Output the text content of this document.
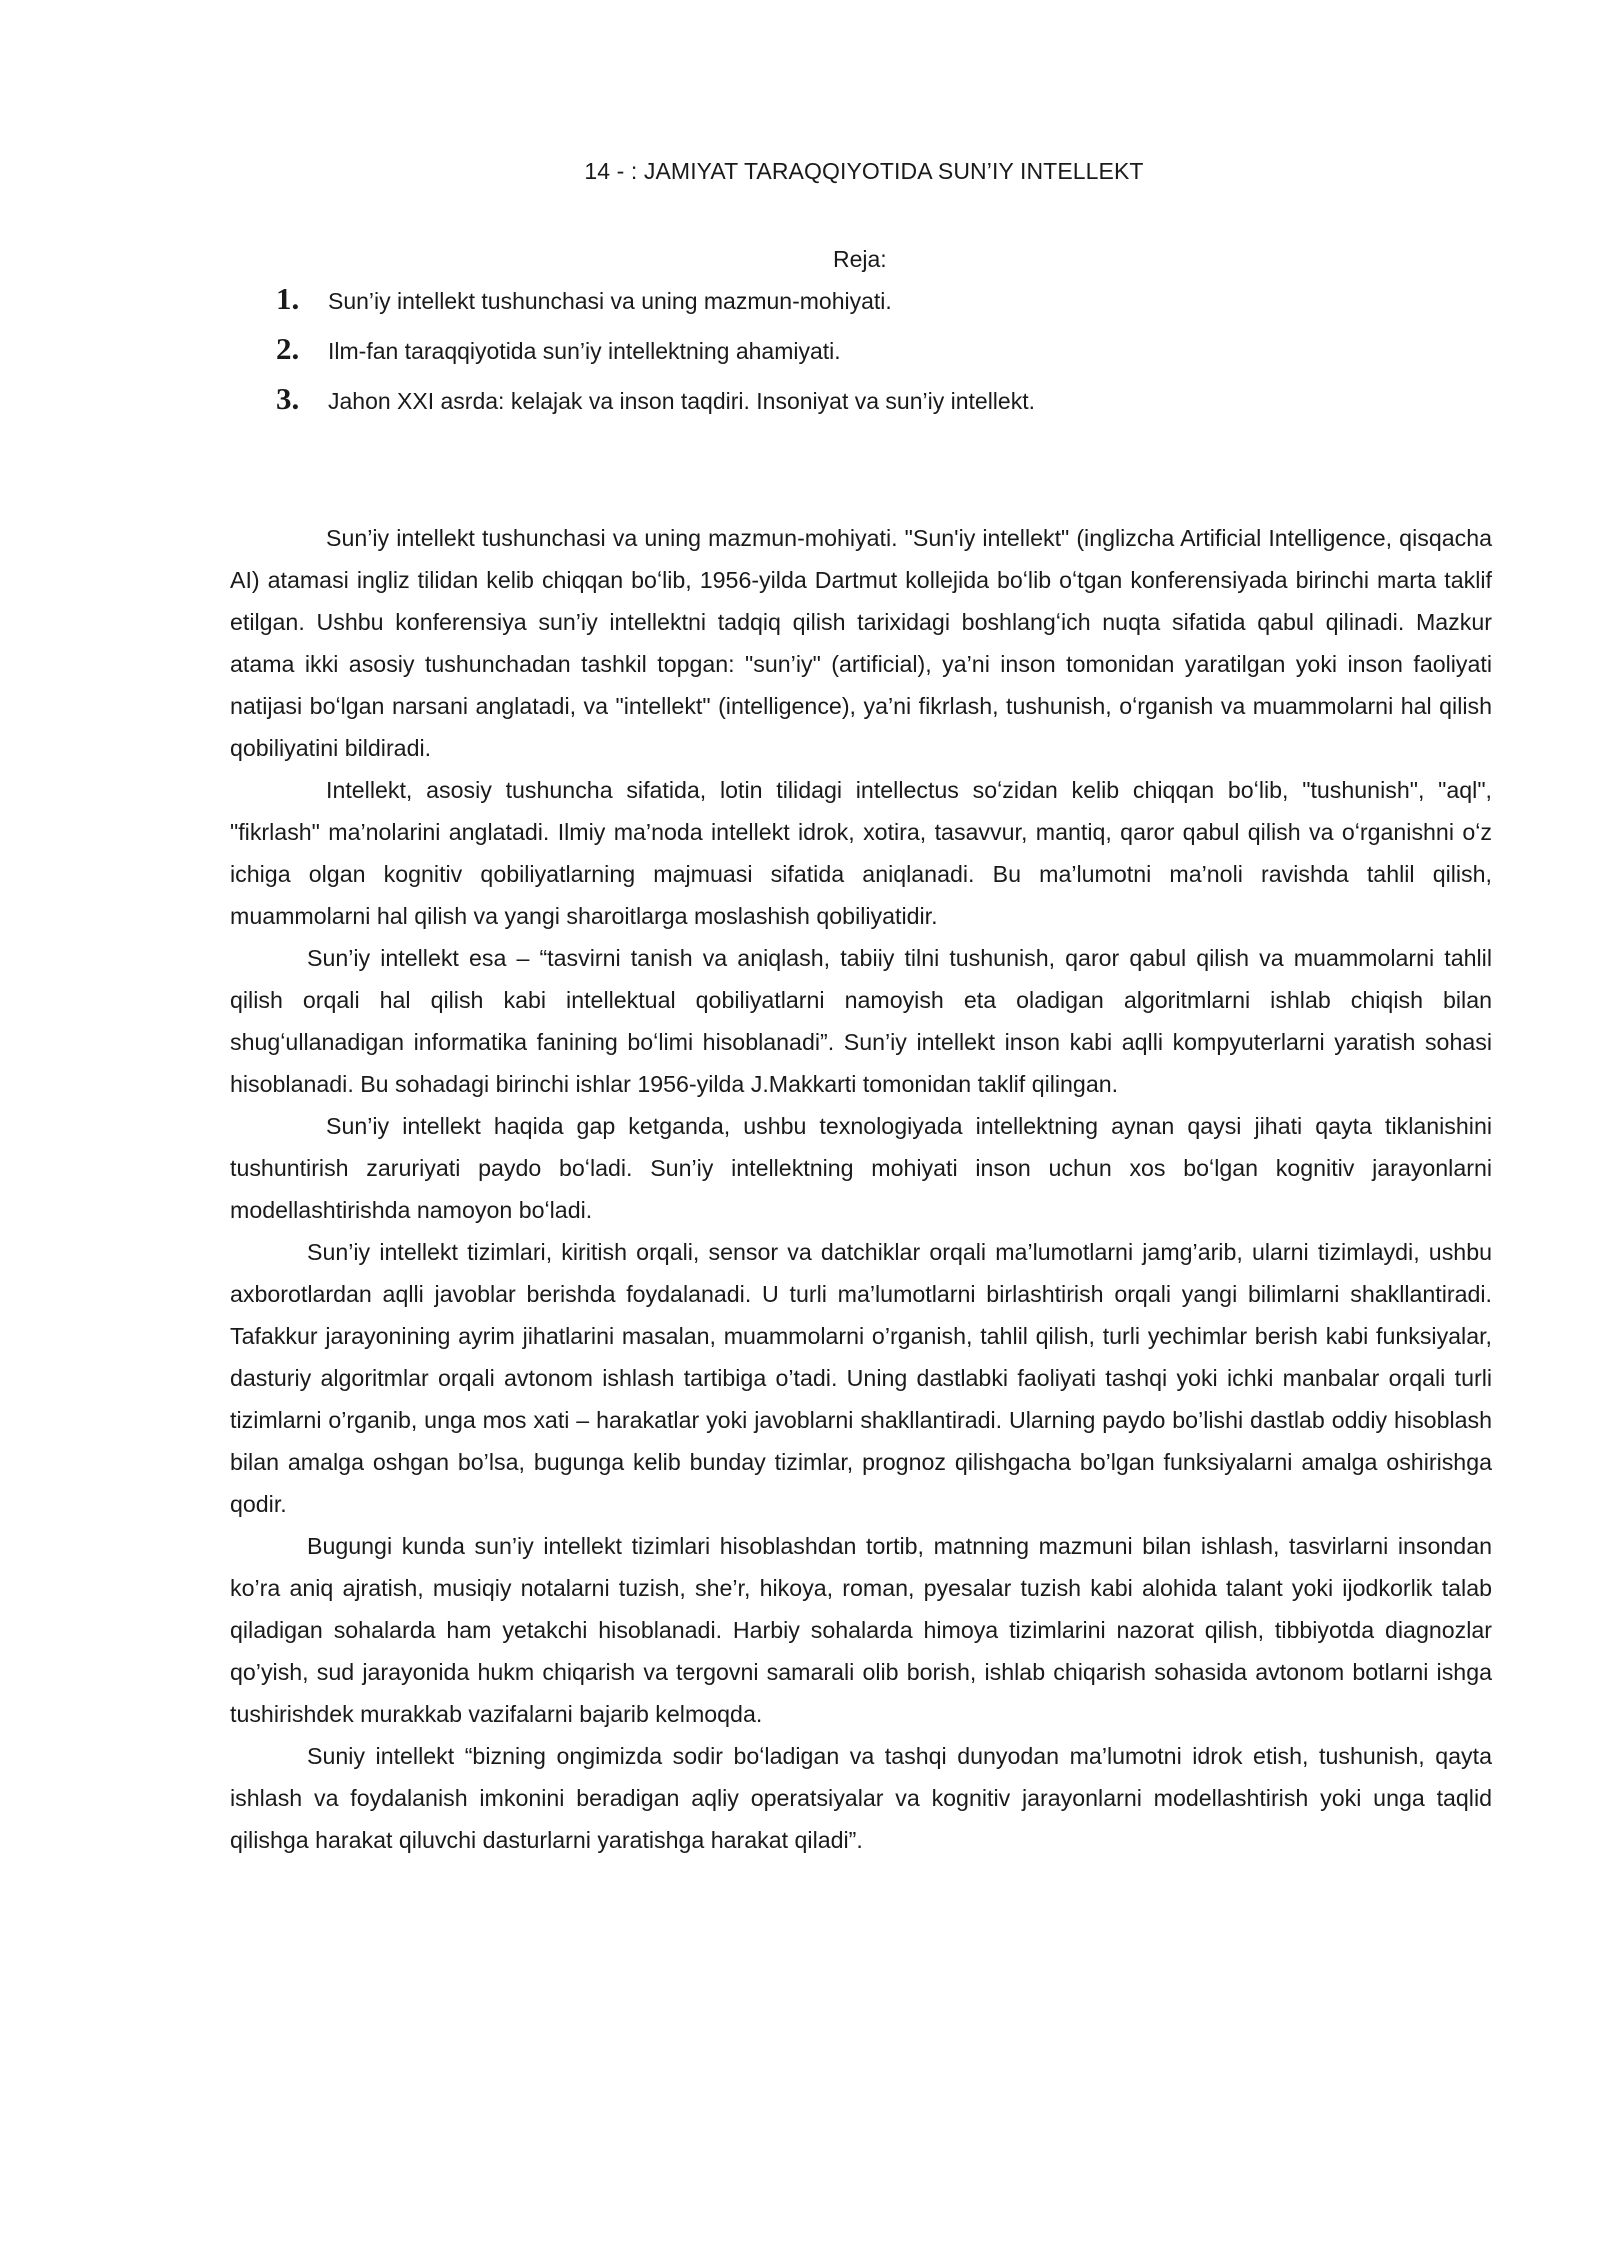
14 - : JAMIYAT TARAQQIYOTIDA SUN’IY INTELLEKT
Reja:
1.	Sun’iy intellekt tushunchasi va uning mazmun-mohiyati.
2.	Ilm-fan taraqqiyotida sun’iy intellektning ahamiyati.
3.	Jahon XXI asrda: kelajak va inson taqdiri. Insoniyat va sun’iy intellekt.

Sun’iy intellekt tushunchasi va uning mazmun-mohiyati. "Sun'iy intellekt" (inglizcha Artificial Intelligence, qisqacha AI) atamasi ingliz tilidan kelib chiqqan boʻlib, 1956-yilda Dartmut kollejida boʻlib oʻtgan konferensiyada birinchi marta taklif etilgan. Ushbu konferensiya sun’iy intellektni tadqiq qilish tarixidagi boshlangʻich nuqta sifatida qabul qilinadi. Mazkur atama ikki asosiy tushunchadan tashkil topgan: "sun’iy" (artificial), ya’ni inson tomonidan yaratilgan yoki inson faoliyati natijasi boʻlgan narsani anglatadi, va "intellekt" (intelligence), ya’ni fikrlash, tushunish, oʻrganish va muammolarni hal qilish qobiliyatini bildiradi.

Intellekt, asosiy tushuncha sifatida, lotin tilidagi intellectus soʻzidan kelib chiqqan boʻlib, "tushunish", "aql", "fikrlash" ma’nolarini anglatadi. Ilmiy ma’noda intellekt idrok, xotira, tasavvur, mantiq, qaror qabul qilish va oʻrganishni oʻz ichiga olgan kognitiv qobiliyatlarning majmuasi sifatida aniqlanadi. Bu ma’lumotni ma’noli ravishda tahlil qilish, muammolarni hal qilish va yangi sharoitlarga moslashish qobiliyatidir.

Sun’iy intellekt esa – “tasvirni tanish va aniqlash, tabiiy tilni tushunish, qaror qabul qilish va muammolarni tahlil qilish orqali hal qilish kabi intellektual qobiliyatlarni namoyish eta oladigan algoritmlarni ishlab chiqish bilan shugʻullanadigan informatika fanining boʻlimi hisoblanadi”. Sun’iy intellekt inson kabi aqlli kompyuterlarni yaratish sohasi hisoblanadi. Bu sohadagi birinchi ishlar 1956-yilda J.Makkarti tomonidan taklif qilingan.

Sun’iy intellekt haqida gap ketganda, ushbu texnologiyada intellektning aynan qaysi jihati qayta tiklanishini tushuntirish zaruriyati paydo boʻladi. Sun’iy intellektning mohiyati inson uchun xos boʻlgan kognitiv jarayonlarni modellashtirishda namoyon boʻladi.

Sun’iy intellekt tizimlari, kiritish orqali, sensor va datchiklar orqali ma’lumotlarni jamg’arib, ularni tizimlaydi, ushbu axborotlardan aqlli javoblar berishda foydalanadi. U turli ma’lumotlarni birlashtirish orqali yangi bilimlarni shakllantiradi. Tafakkur jarayonining ayrim jihatlarini masalan, muammolarni o’rganish, tahlil qilish, turli yechimlar berish kabi funksiyalar, dasturiy algoritmlar orqali avtonom ishlash tartibiga o’tadi. Uning dastlabki faoliyati tashqi yoki ichki manbalar orqali turli tizimlarni o’rganib, unga mos xati – harakatlar yoki javoblarni shakllantiradi. Ularning paydo bo’lishi dastlab oddiy hisoblash bilan amalga oshgan bo’lsa, bugunga kelib bunday tizimlar, prognoz qilishgacha bo’lgan funksiyalarni amalga oshirishga qodir.

Bugungi kunda sun’iy intellekt tizimlari hisoblashdan tortib, matnning mazmuni bilan ishlash, tasvirlarni insondan ko’ra aniq ajratish, musiqiy notalarni tuzish, she’r, hikoya, roman, pyesalar tuzish kabi alohida talant yoki ijodkorlik talab qiladigan sohalarda ham yetakchi hisoblanadi. Harbiy sohalarda himoya tizimlarini nazorat qilish, tibbiyotda diagnozlar qo’yish, sud jarayonida hukm chiqarish va tergovni samarali olib borish, ishlab chiqarish sohasida avtonom botlarni ishga tushirishdek murakkab vazifalarni bajarib kelmoqda.

Suniy intellekt “bizning ongimizda sodir boʻladigan va tashqi dunyodan ma’lumotni idrok etish, tushunish, qayta ishlash va foydalanish imkonini beradigan aqliy operatsiyalar va kognitiv jarayonlarni modellashtirish yoki unga taqlid qilishga harakat qiluvchi dasturlarni yaratishga harakat qiladi”.
